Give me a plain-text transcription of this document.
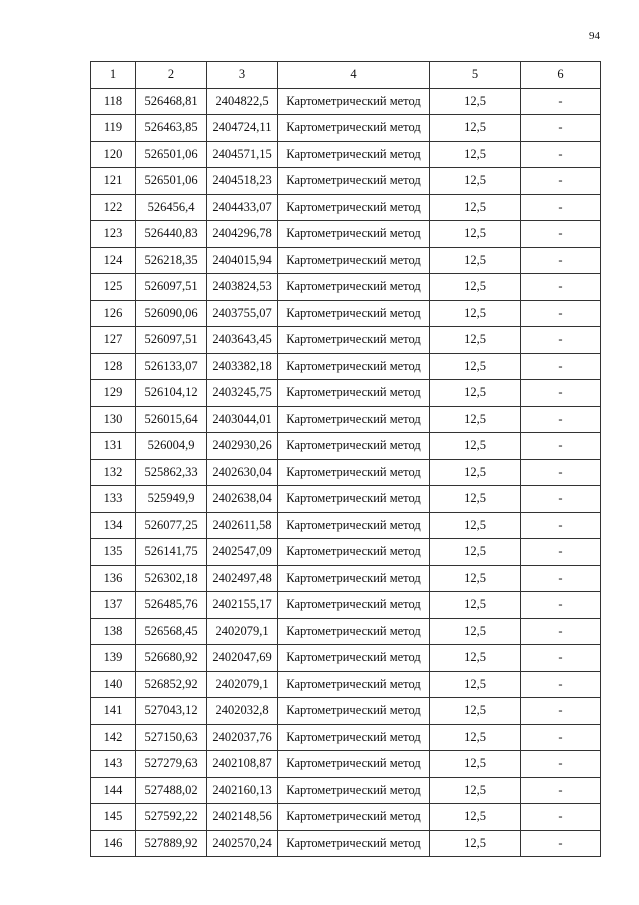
94
1	2	3	4	5	6
118	526468,81	2404822,5	Картометрический метод	12,5	-
119	526463,85	2404724,11	Картометрический метод	12,5	-
120	526501,06	2404571,15	Картометрический метод	12,5	-
121	526501,06	2404518,23	Картометрический метод	12,5	-
122	526456,4	2404433,07	Картометрический метод	12,5	-
123	526440,83	2404296,78	Картометрический метод	12,5	-
124	526218,35	2404015,94	Картометрический метод	12,5	-
125	526097,51	2403824,53	Картометрический метод	12,5	-
126	526090,06	2403755,07	Картометрический метод	12,5	-
127	526097,51	2403643,45	Картометрический метод	12,5	-
128	526133,07	2403382,18	Картометрический метод	12,5	-
129	526104,12	2403245,75	Картометрический метод	12,5	-
130	526015,64	2403044,01	Картометрический метод	12,5	-
131	526004,9	2402930,26	Картометрический метод	12,5	-
132	525862,33	2402630,04	Картометрический метод	12,5	-
133	525949,9	2402638,04	Картометрический метод	12,5	-
134	526077,25	2402611,58	Картометрический метод	12,5	-
135	526141,75	2402547,09	Картометрический метод	12,5	-
136	526302,18	2402497,48	Картометрический метод	12,5	-
137	526485,76	2402155,17	Картометрический метод	12,5	-
138	526568,45	2402079,1	Картометрический метод	12,5	-
139	526680,92	2402047,69	Картометрический метод	12,5	-
140	526852,92	2402079,1	Картометрический метод	12,5	-
141	527043,12	2402032,8	Картометрический метод	12,5	-
142	527150,63	2402037,76	Картометрический метод	12,5	-
143	527279,63	2402108,87	Картометрический метод	12,5	-
144	527488,02	2402160,13	Картометрический метод	12,5	-
145	527592,22	2402148,56	Картометрический метод	12,5	-
146	527889,92	2402570,24	Картометрический метод	12,5	-
